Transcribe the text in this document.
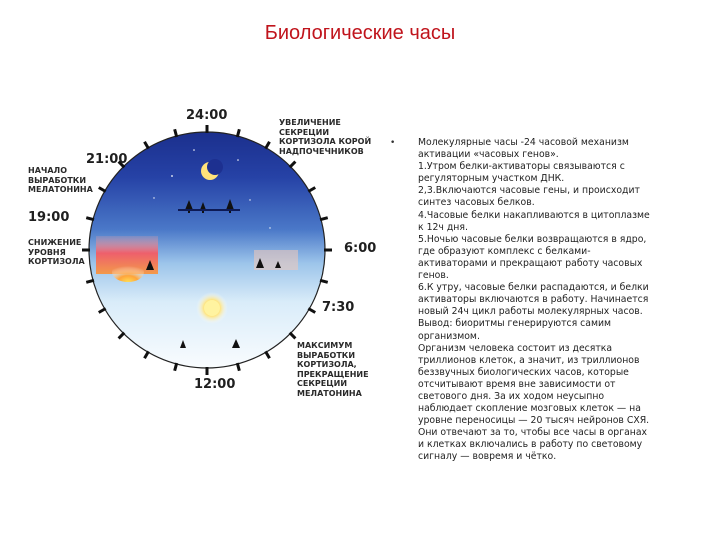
Биологические часы
24:00
21:00
19:00
6:00
7:30
12:00
УВЕЛИЧЕНИЕ
СЕКРЕЦИИ
КОРТИЗОЛА КОРОЙ
НАДПОЧЕЧНИКОВ
НАЧАЛО
ВЫРАБОТКИ
МЕЛАТОНИНА
СНИЖЕНИЕ
УРОВНЯ
КОРТИЗОЛА
МАКСИМУМ
ВЫРАБОТКИ
КОРТИЗОЛА,
ПРЕКРАЩЕНИЕ
СЕКРЕЦИИ
МЕЛАТОНИНА
• Молекулярные часы -24 часовой механизм
активации «часовых генов».
1.Утром белки-активаторы связываются с
регуляторным участком ДНК.
2,3.Включаются часовые гены, и происходит
синтез часовых белков.
4.Часовые белки накапливаются в цитоплазме
к 12ч дня.
5.Ночью часовые белки возвращаются в ядро,
где образуют комплекс с белками-
активаторами и прекращают работу часовых
генов.
6.К утру, часовые белки распадаются, и белки
активаторы включаются в работу. Начинается
новый 24ч цикл работы молекулярных часов.
Вывод: биоритмы генерируются самим
организмом.
Организм человека состоит из десятка
триллионов клеток, а значит, из триллионов
беззвучных биологических часов, которые
отсчитывают время вне зависимости от
светового дня. За их ходом неусыпно
наблюдает скопление мозговых клеток — на
уровне переносицы — 20 тысяч нейронов СХЯ.
Они отвечают за то, чтобы все часы в органах
и клетках включались в работу по световому
сигналу — вовремя и чётко.
